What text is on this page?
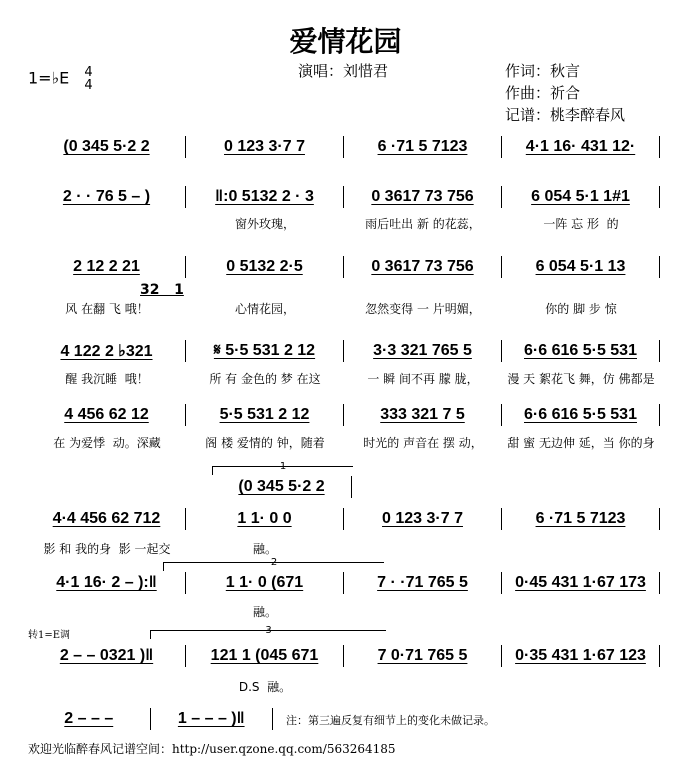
爱情花园
演唱：刘惜君	作词：秋言
作曲：祈合
记谱：桃李醉春风
1=♭E 4
4
(0 345 5·2 2	0 123 3·7 7	6 ·71 5 7123	4·1 16· 431 12·
2 · · 76 5 – )	‖:0 5132 2 · 3	0 3617 73 756	6 054 5·1 1#1
窗外玫瑰，	雨后吐出 新 的花蕊，	一阵 忘 形  的
2 12 2 21	0 5132 2·5	0 3617 73 756	6 054 5·1 13
32   1
风 在翻 飞 哦！	心情花园，	忽然变得 一 片明媚，	你的 脚 步 惊
4 122 2 ♭321	𝄋 5·5 531 2 12	3·3 321 765 5	6·6 616 5·5 531
醒 我沉睡  哦！	所 有 金色的 梦 在这	一 瞬 间不再 朦 胧，	漫 天 絮花飞 舞，仿 佛都是
4 456 62 12	5·5 531 2 12	333 321 7 5	6·6 616 5·5 531
在 为爱悸  动。深藏	阁 楼 爱情的 钟，随着	时光的 声音在 摆 动，	甜 蜜 无边伸 延，当 你的身
1
(0 345 5·2 2
4·4 456 62 712	1 1· 0 0	0 123 3·7 7	6 ·71 5 7123
影 和 我的身  影 一起交	融。
2
4·1 16· 2 – ):‖	1 1· 0 (671	7 · ·71 765 5	0·45 431 1·67 173
融。
3
转1=E调
2 – – 0321 )‖	121 1 (045 671	7 0·71 765 5	0·35 431 1·67 123
D.S  融。
2 – – –	1 – – – )‖	注：第三遍反复有细节上的变化未做记录。
欢迎光临醉春风记谱空间：http://user.qzone.qq.com/563264185
